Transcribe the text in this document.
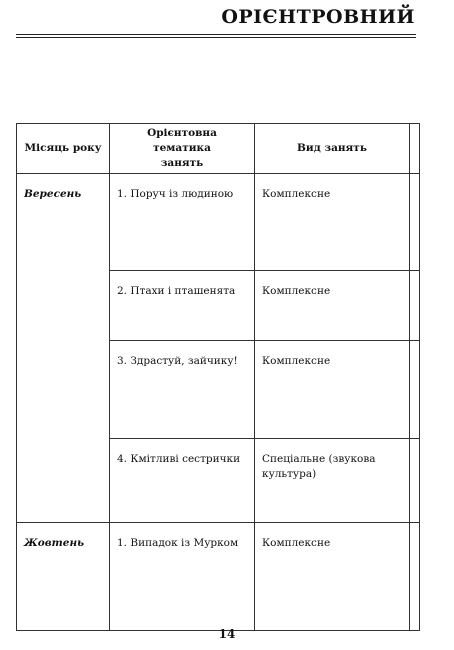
ОРІЄНТРОВНИЙ
Місяць року	Орієнтовна тематика занять	Вид занять	

Вересень	1. Поруч із людиною	Комплексне	

	2. Птахи і пташенята	Комплексне	

	3. Здрастуй, зайчику!	Комплексне	

	4. Кмітливі сестрички	Спеціальне (звукова культура)	

Жовтень	1. Випадок із Мурком	Комплексне	

14
